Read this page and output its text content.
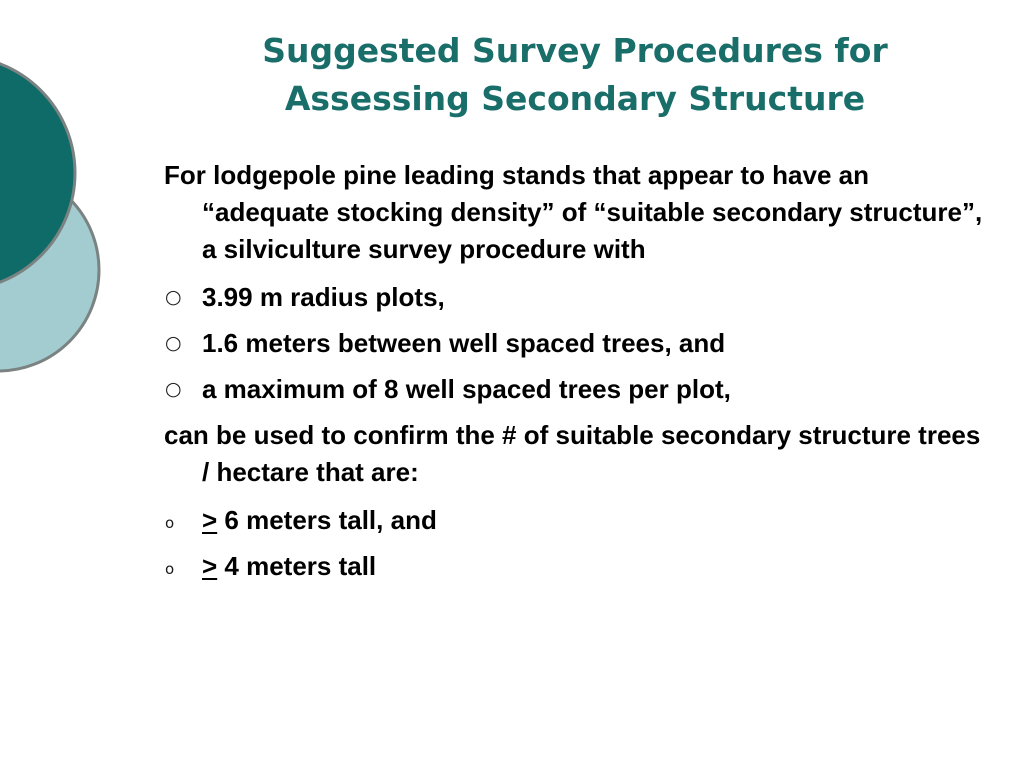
Suggested Survey Procedures for
Assessing Secondary Structure

For lodgepole pine leading stands that appear to have an “adequate stocking density” of “suitable secondary structure”, a silviculture survey procedure with

○ 3.99 m radius plots,
○ 1.6 meters between well spaced trees, and
○ a maximum of 8 well spaced trees per plot,

can be used to confirm the # of suitable secondary structure trees / hectare that are:

o ≥ 6 meters tall, and
o ≥ 4 meters tall
